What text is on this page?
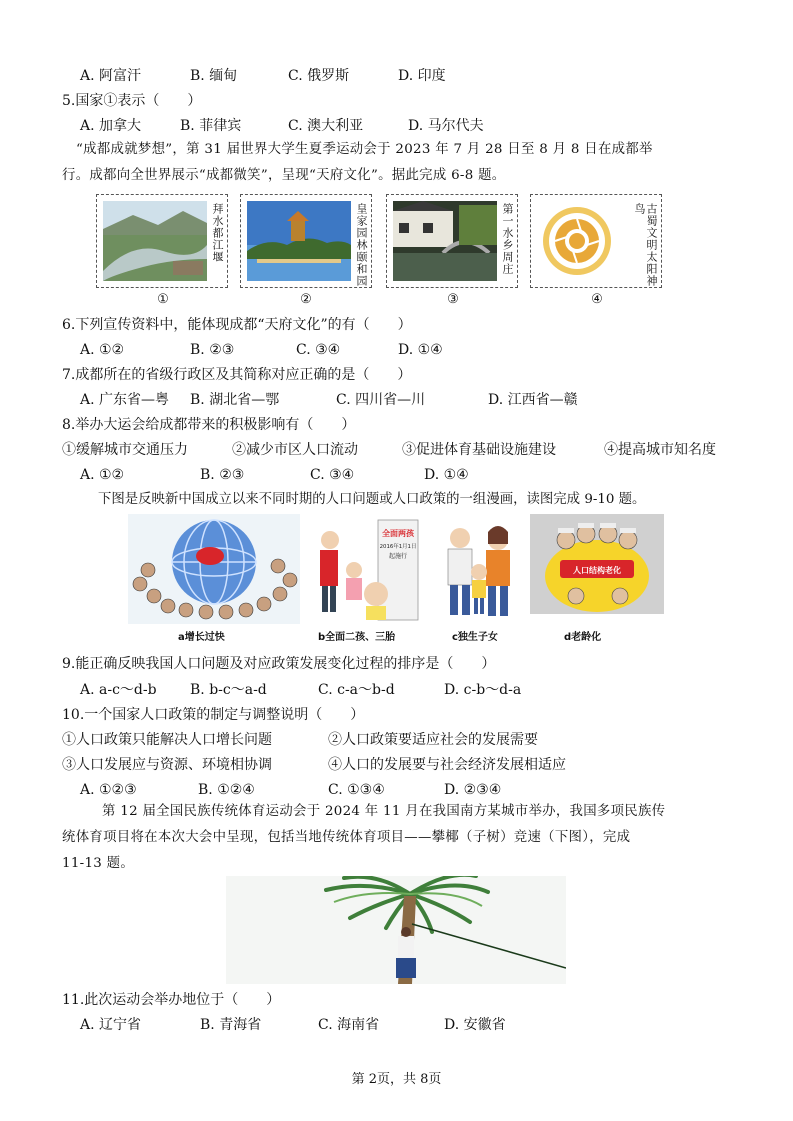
A. 阿富汗	B. 缅甸	C. 俄罗斯	D. 印度
5.国家①表示（　　）
A. 加拿大	B. 菲律宾	C. 澳大利亚	D. 马尔代夫
“成都成就梦想”，第 31 届世界大学生夏季运动会于 2023 年 7 月 28 日至 8 月 8 日在成都举
行。成都向全世界展示“成都微笑”，呈现“天府文化”。据此完成 6-8 题。
拜水都江堰	皇家园林颐和园	第一水乡周庄	古蜀文明太阳神鸟
①	②	③	④
6.下列宣传资料中，能体现成都“天府文化”的有（　　）
A. ①②	B. ②③	C. ③④	D. ①④
7.成都所在的省级行政区及其简称对应正确的是（　　）
A. 广东省—粤 B. 湖北省—鄂	C. 四川省—川	D. 江西省—赣
8.举办大运会给成都带来的积极影响有（　　）
①缓解城市交通压力	②减少市区人口流动	③促进体育基础设施建设	④提高城市知名度
A. ①②	B. ②③	C. ③④	D. ①④
下图是反映新中国成立以来不同时期的人口问题或人口政策的一组漫画，读图完成 9-10 题。
全面两孩
2016年1月1日
起施行
人口结构老化
a增长过快	b全面二孩、三胎	c独生子女	d老龄化
9.能正确反映我国人口问题及对应政策发展变化过程的排序是（　　）
A. a-c～d-b B. b-c～a-d	C. c-a～b-d	D. c-b～d-a
10.一个国家人口政策的制定与调整说明（　　）
①人口政策只能解决人口增长问题	②人口政策要适应社会的发展需要
③人口发展应与资源、环境相协调	④人口的发展要与社会经济发展相适应
A. ①②③	B. ①②④	C. ①③④	D. ②③④
第 12 届全国民族传统体育运动会于 2024 年 11 月在我国南方某城市举办，我国多项民族传
统体育项目将在本次大会中呈现，包括当地传统体育项目——攀椰（子树）竞速（下图），完成
11-13 题。
11.此次运动会举办地位于（　　）
A. 辽宁省	B. 青海省	C. 海南省	D. 安徽省
第 2页，共 8页
